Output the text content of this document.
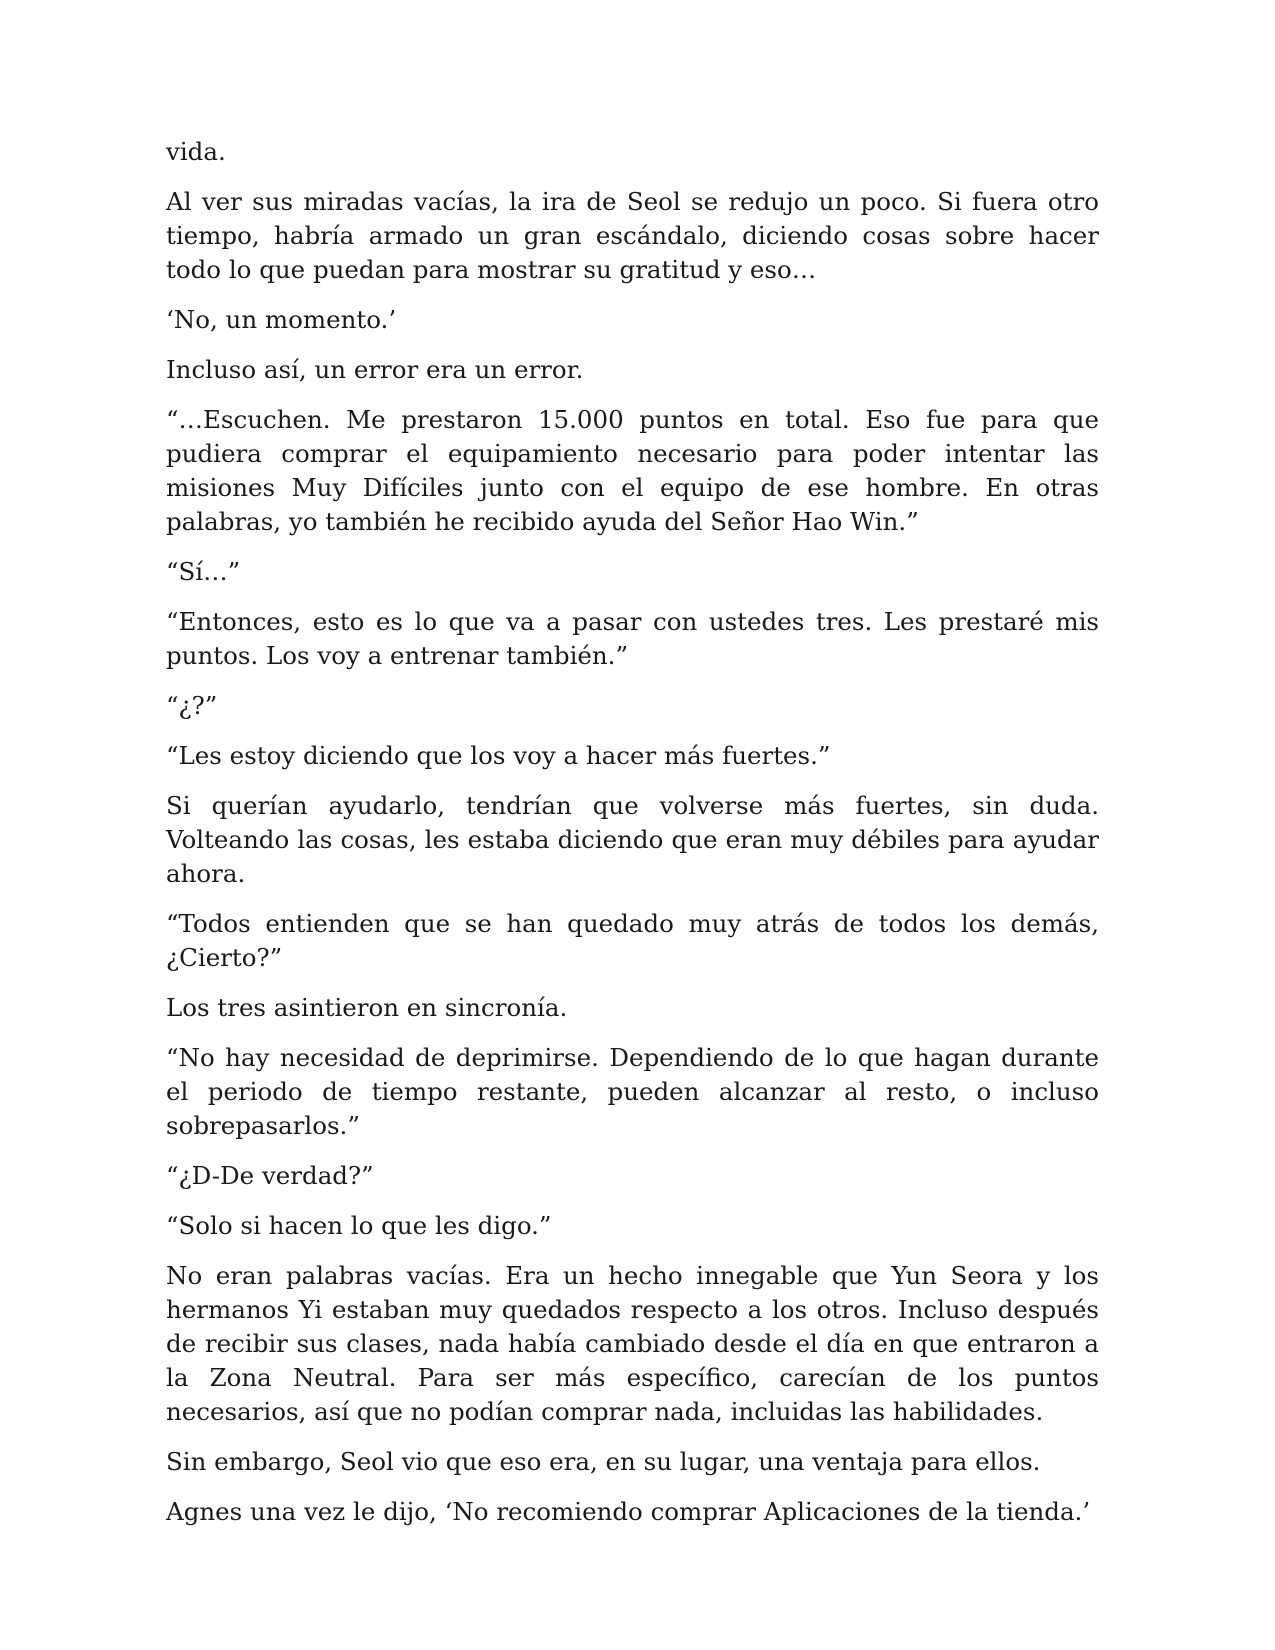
vida.

Al ver sus miradas vacías, la ira de Seol se redujo un poco. Si fuera otro tiempo, habría armado un gran escándalo, diciendo cosas sobre hacer todo lo que puedan para mostrar su gratitud y eso…

‘No, un momento.’

Incluso así, un error era un error.

“…Escuchen. Me prestaron 15.000 puntos en total. Eso fue para que pudiera comprar el equipamiento necesario para poder intentar las misiones Muy Difíciles junto con el equipo de ese hombre. En otras palabras, yo también he recibido ayuda del Señor Hao Win.”

“Sí…”

“Entonces, esto es lo que va a pasar con ustedes tres. Les prestaré mis puntos. Los voy a entrenar también.”

“¿?”

“Les estoy diciendo que los voy a hacer más fuertes.”

Si querían ayudarlo, tendrían que volverse más fuertes, sin duda. Volteando las cosas, les estaba diciendo que eran muy débiles para ayudar ahora.

“Todos entienden que se han quedado muy atrás de todos los demás, ¿Cierto?”

Los tres asintieron en sincronía.

“No hay necesidad de deprimirse. Dependiendo de lo que hagan durante el periodo de tiempo restante, pueden alcanzar al resto, o incluso sobrepasarlos.”

“¿D-De verdad?”

“Solo si hacen lo que les digo.”

No eran palabras vacías. Era un hecho innegable que Yun Seora y los hermanos Yi estaban muy quedados respecto a los otros. Incluso después de recibir sus clases, nada había cambiado desde el día en que entraron a la Zona Neutral. Para ser más específico, carecían de los puntos necesarios, así que no podían comprar nada, incluidas las habilidades.

Sin embargo, Seol vio que eso era, en su lugar, una ventaja para ellos.

Agnes una vez le dijo, ‘No recomiendo comprar Aplicaciones de la tienda.’
